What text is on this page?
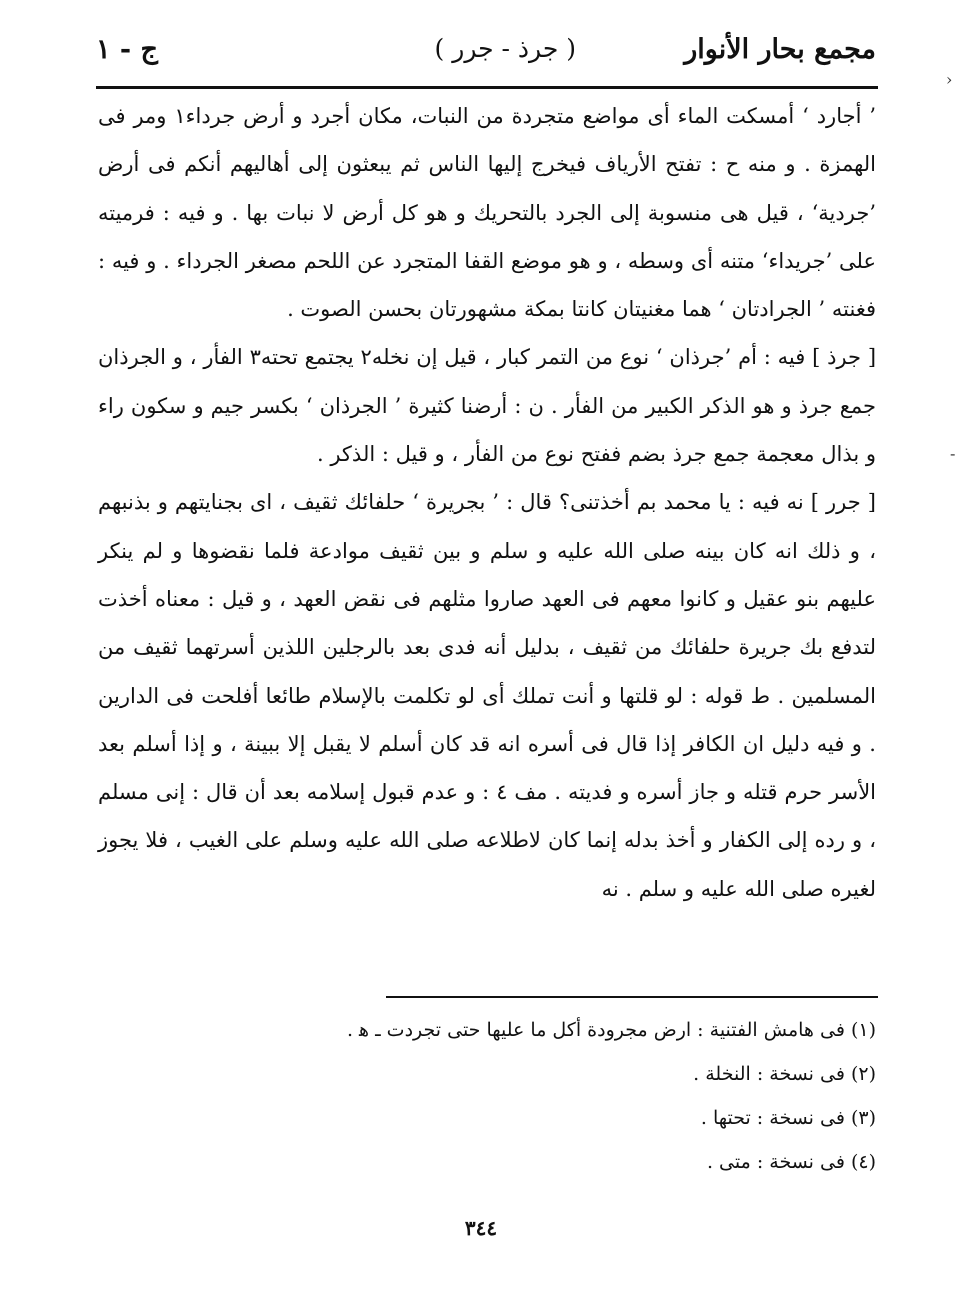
مجمع بحار الأنوار
( جرذ - جرر )
ج - ١

’ أجارد ‘ أمسكت الماء أى مواضع متجردة من النبات، مكان أجرد و أرض جرداء١ ومر فى الهمزة . و منه ح : تفتح الأرياف فيخرج إليها الناس ثم يبعثون إلى أهاليهم أنكم فى أرض ’جردية‘ ، قيل هى منسوبة إلى الجرد بالتحريك و هو كل أرض لا نبات بها . و فيه : فرميته على ’جريداء‘ متنه أى وسطه ، و هو موضع القفا المتجرد عن اللحم مصغر الجرداء . و فيه : فغنته ’ الجرادتان ‘ هما مغنيتان كانتا بمكة مشهورتان بحسن الصوت .

[ جرذ ] فيه : أم ’جرذان ‘ نوع من التمر كبار ، قيل إن نخله٢ يجتمع تحته٣ الفأر ، و الجرذان جمع جرذ و هو الذكر الكبير من الفأر . ن : أرضنا كثيرة ’ الجرذان ‘ بكسر جيم و سكون راء و بذال معجمة جمع جرذ بضم ففتح نوع من الفأر ، و قيل : الذكر .

[ جرر ] نه فيه : يا محمد بم أخذتنى؟ قال : ’ بجريرة ‘ حلفائك ثقيف ، اى بجنايتهم و بذنبهم ، و ذلك انه كان بينه صلى الله عليه و سلم و بين ثقيف موادعة فلما نقضوها و لم ينكر عليهم بنو عقيل و كانوا معهم فى العهد صاروا مثلهم فى نقض العهد ، و قيل : معناه أخذت لتدفع بك جريرة حلفائك من ثقيف ، بدليل أنه فدى بعد بالرجلين اللذين أسرتهما ثقيف من المسلمين . ط قوله : لو قلتها و أنت تملك أى لو تكلمت بالإسلام طائعا أفلحت فى الدارين . و فيه دليل ان الكافر إذا قال فى أسره انه قد كان أسلم لا يقبل إلا ببينة ، و إذا أسلم بعد الأسر حرم قتله و جاز أسره و فديته . مف ٤ : و عدم قبول إسلامه بعد أن قال : إنى مسلم ، و رده إلى الكفار و أخذ بدله إنما كان لاطلاعه صلى الله عليه وسلم على الغيب ، فلا يجوز لغيره صلى الله عليه و سلم . نه

(١) فى هامش الفتنية : ارض مجرودة أكل ما عليها حتى تجردت ـ ﻫ .

(٢) فى نسخة : النخلة .

(٣) فى نسخة : تحتها .

(٤) فى نسخة : متى .

٣٤٤
›
-
